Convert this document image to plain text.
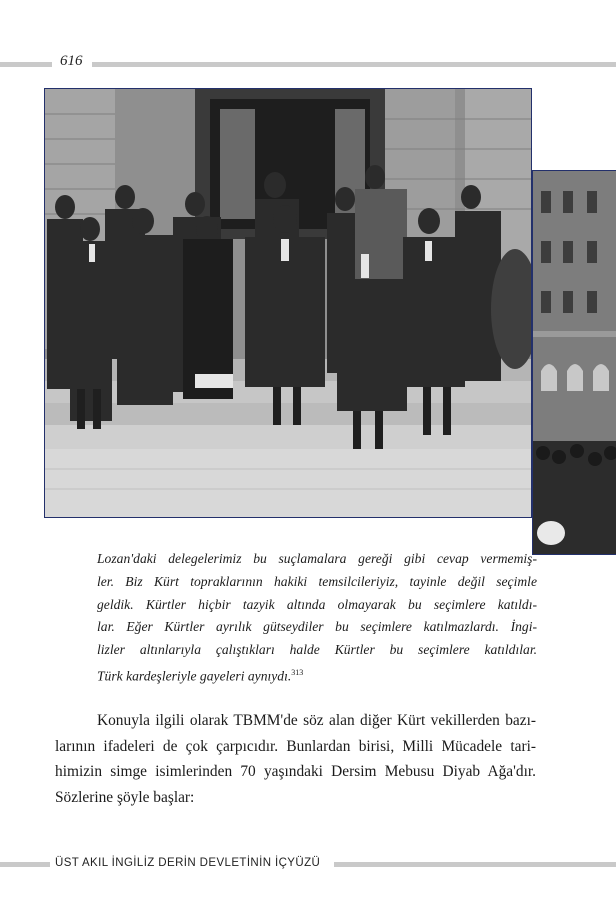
616
Lozan'daki delegelerimiz bu suçlamalara gereği gibi cevap vermemiş-
ler. Biz Kürt topraklarının hakiki temsilcileriyiz, tayinle değil seçimle
geldik. Kürtler hiçbir tazyik altında olmayarak bu seçimlere katıldı-
lar. Eğer Kürtler ayrılık gütseydiler bu seçimlere katılmazlardı. İngi-
lizler altınlarıyla çalıştıkları halde Kürtler bu seçimlere katıldılar.
Türk kardeşleriyle gayeleri aynıydı.$^{313}$
Konuyla ilgili olarak TBMM'de söz alan diğer Kürt vekillerden bazı-
larının ifadeleri de çok çarpıcıdır. Bunlardan birisi, Milli Mücadele tari-
himizin simge isimlerinden 70 yaşındaki Dersim Mebusu Diyab Ağa'dır.
Sözlerine şöyle başlar:
ÜST AKIL İNGİLİZ DERİN DEVLETİNİN İÇYÜZÜ
